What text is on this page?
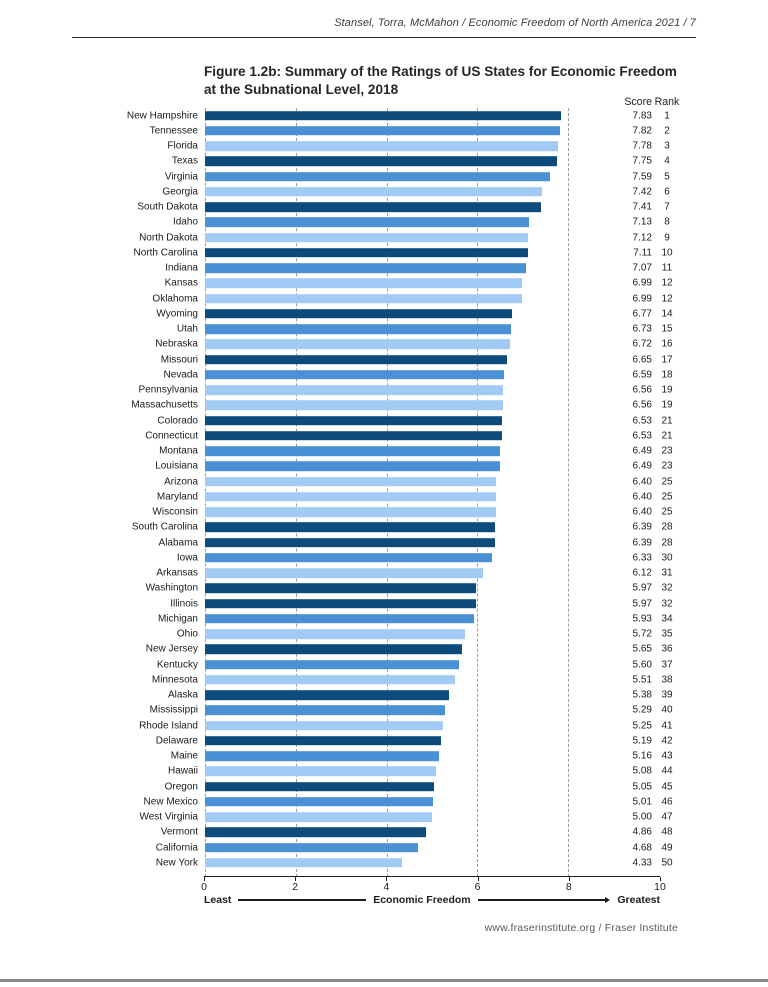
Stansel, Torra, McMahon / Economic Freedom of North America 2021 / 7
Figure 1.2b: Summary of the Ratings of US States for Economic Freedom
at the Subnational Level, 2018
Score Rank
New Hampshire	7.83	1
Tennessee	7.82	2
Florida	7.78	3
Texas	7.75	4
Virginia	7.59	5
Georgia	7.42	6
South Dakota	7.41	7
Idaho	7.13	8
North Dakota	7.12	9
North Carolina	7.11 10
Indiana	7.07 11
Kansas	6.99 12
Oklahoma	6.99 12
Wyoming	6.77 14
Utah	6.73 15
Nebraska	6.72 16
Missouri	6.65 17
Nevada	6.59 18
Pennsylvania	6.56 19
Massachusetts	6.56 19
Colorado	6.53 21
Connecticut	6.53 21
Montana	6.49 23
Louisiana	6.49 23
Arizona	6.40 25
Maryland	6.40 25
Wisconsin	6.40 25
South Carolina	6.39 28
Alabama	6.39 28
Iowa	6.33 30
Arkansas	6.12 31
Washington	5.97 32
Illinois	5.97 32
Michigan	5.93 34
Ohio	5.72 35
New Jersey	5.65 36
Kentucky	5.60 37
Minnesota	5.51 38
Alaska	5.38 39
Mississippi	5.29 40
Rhode Island	5.25 41
Delaware	5.19 42
Maine	5.16 43
Hawaii	5.08 44
Oregon	5.05 45
New Mexico	5.01 46
West Virginia	5.00 47
Vermont	4.86 48
California	4.68 49
New York	4.33 50
0	2	4	6	8	10
Least	Economic Freedom	Greatest
www.fraserinstitute.org / Fraser Institute
